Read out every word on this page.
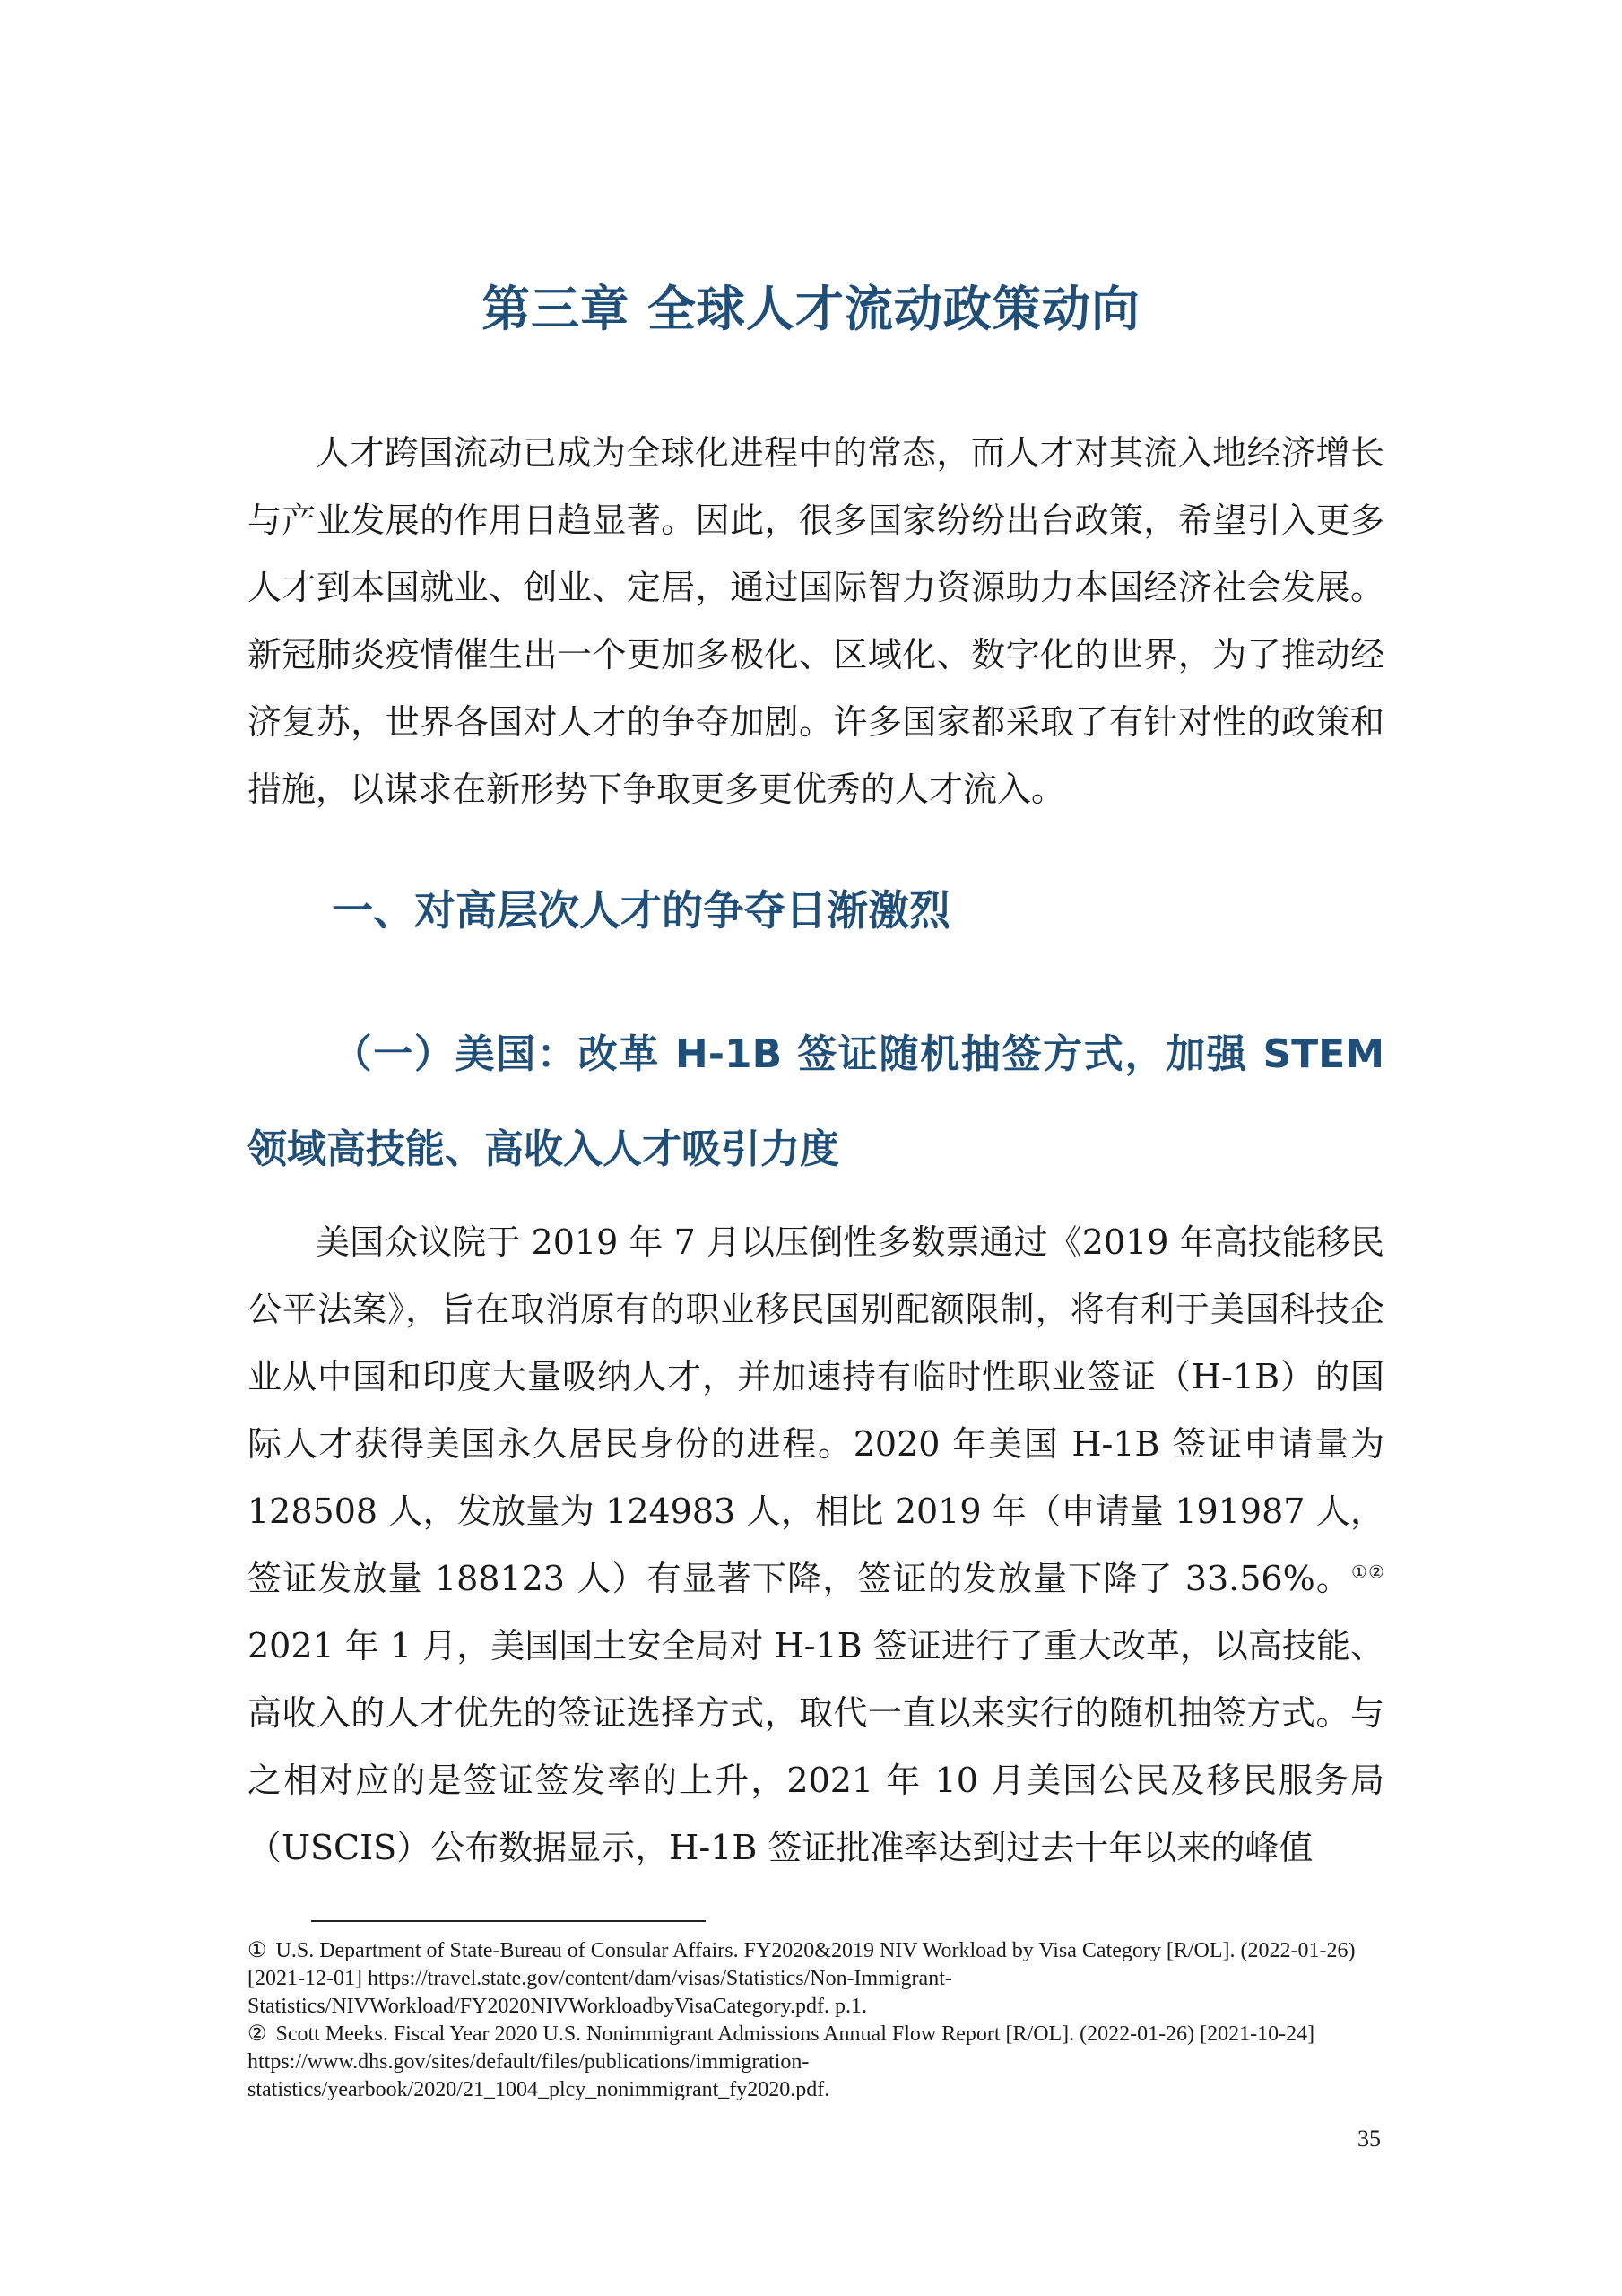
第三章 全球人才流动政策动向

人才跨国流动已成为全球化进程中的常态，而人才对其流入地经济增长与产业发展的作用日趋显著。因此，很多国家纷纷出台政策，希望引入更多人才到本国就业、创业、定居，通过国际智力资源助力本国经济社会发展。新冠肺炎疫情催生出一个更加多极化、区域化、数字化的世界，为了推动经济复苏，世界各国对人才的争夺加剧。许多国家都采取了有针对性的政策和措施，以谋求在新形势下争取更多更优秀的人才流入。

一、对高层次人才的争夺日渐激烈
（一）美国：改革 H-1B 签证随机抽签方式，加强 STEM 领域高技能、高收入人才吸引力度

美国众议院于 2019 年 7 月以压倒性多数票通过《2019 年高技能移民公平法案》，旨在取消原有的职业移民国别配额限制，将有利于美国科技企业从中国和印度大量吸纳人才，并加速持有临时性职业签证（H-1B）的国际人才获得美国永久居民身份的进程。2020 年美国 H-1B 签证申请量为 128508 人，发放量为 124983 人，相比 2019 年（申请量 191987 人，签证发放量 188123 人）有显著下降，签证的发放量下降了 33.56%。①② 2021 年 1 月，美国国土安全局对 H-1B 签证进行了重大改革，以高技能、高收入的人才优先的签证选择方式，取代一直以来实行的随机抽签方式。与之相对应的是签证签发率的上升，2021 年 10 月美国公民及移民服务局（USCIS）公布数据显示，H-1B 签证批准率达到过去十年以来的峰值

① U.S. Department of State-Bureau of Consular Affairs. FY2020&2019 NIV Workload by Visa Category [R/OL]. (2022-01-26) [2021-12-01] https://travel.state.gov/content/dam/visas/Statistics/Non-Immigrant-Statistics/NIVWorkload/FY2020NIVWorkloadbyVisaCategory.pdf. p.1.

② Scott Meeks. Fiscal Year 2020 U.S. Nonimmigrant Admissions Annual Flow Report [R/OL]. (2022-01-26) [2021-10-24] https://www.dhs.gov/sites/default/files/publications/immigration-statistics/yearbook/2020/21_1004_plcy_nonimmigrant_fy2020.pdf.

35
